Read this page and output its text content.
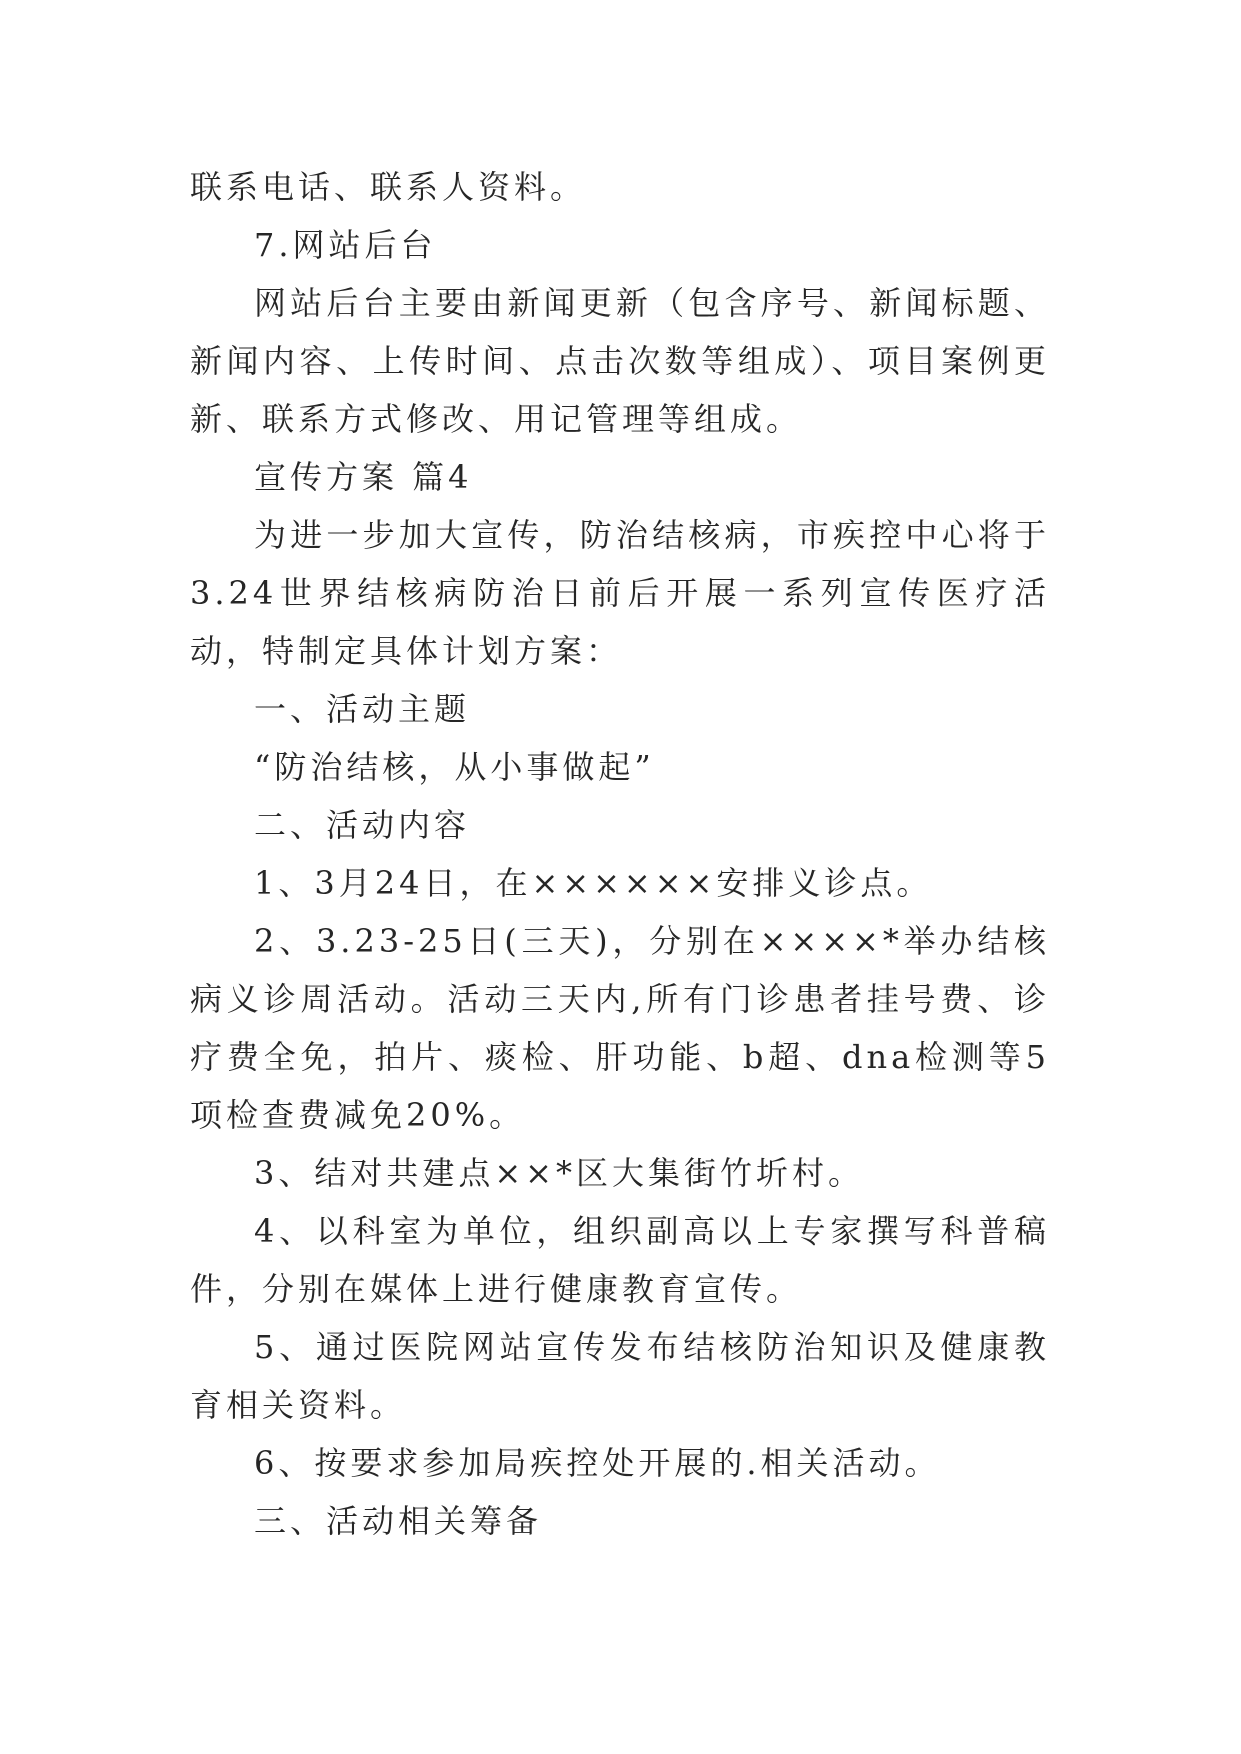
联系电话、联系人资料。

7.网站后台

网站后台主要由新闻更新（包含序号、新闻标题、新闻内容、上传时间、点击次数等组成）、项目案例更新、联系方式修改、用记管理等组成。

宣传方案 篇4

为进一步加大宣传，防治结核病，市疾控中心将于3.24世界结核病防治日前后开展一系列宣传医疗活动，特制定具体计划方案：

一、活动主题

“防治结核，从小事做起”

二、活动内容

1、3月24日，在××××××安排义诊点。

2、3.23-25日(三天)，分别在××××*举办结核病义诊周活动。活动三天内,所有门诊患者挂号费、诊疗费全免，拍片、痰检、肝功能、b超、dna检测等5项检查费减免20%。

3、结对共建点××*区大集街竹圻村。

4、以科室为单位，组织副高以上专家撰写科普稿件，分别在媒体上进行健康教育宣传。

5、通过医院网站宣传发布结核防治知识及健康教育相关资料。

6、按要求参加局疾控处开展的.相关活动。

三、活动相关筹备
